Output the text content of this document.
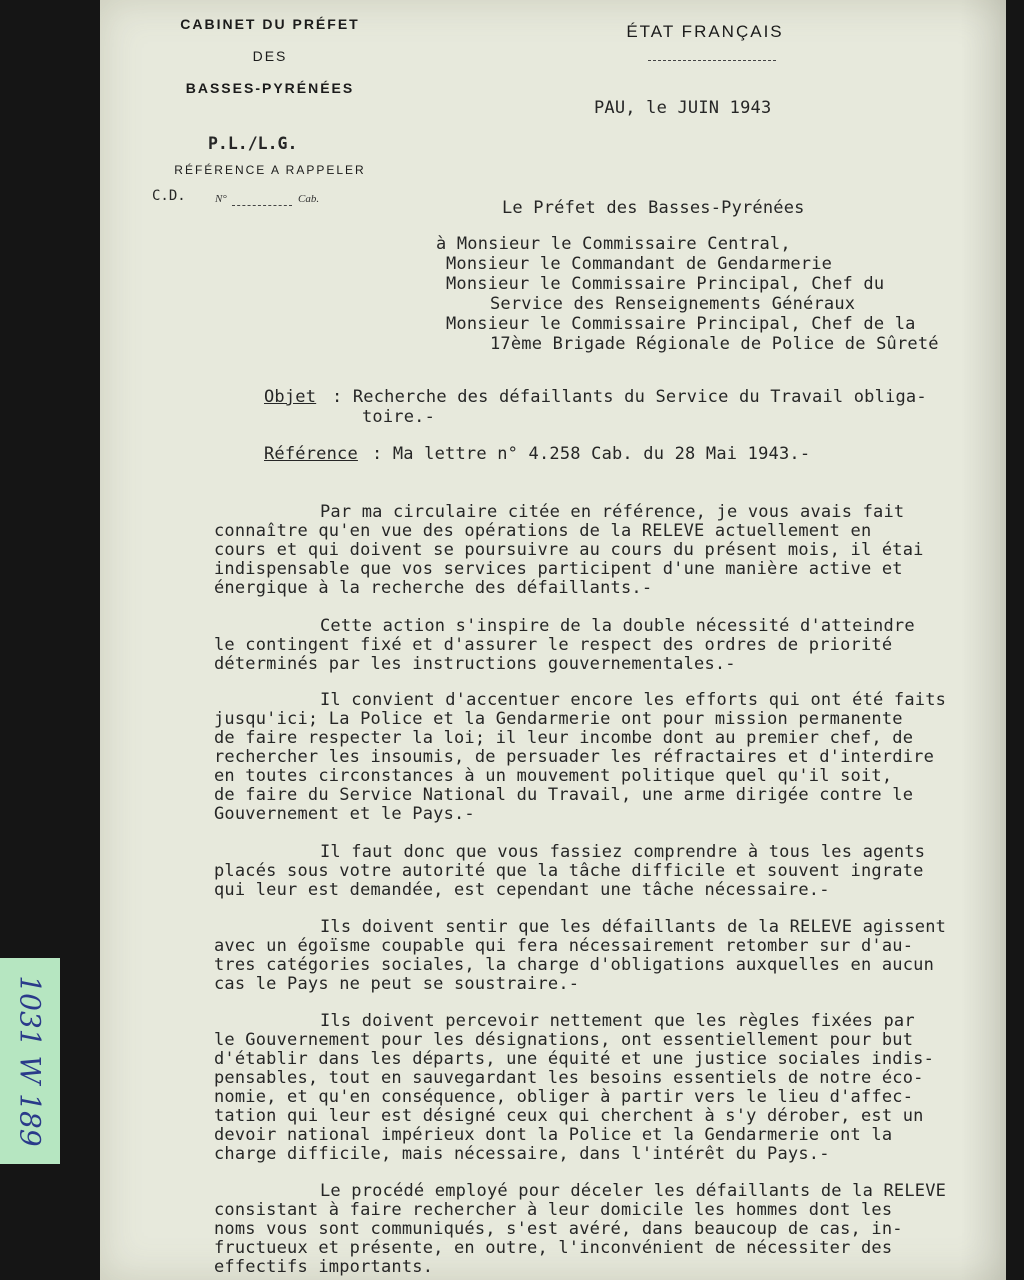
1031 W 189
CABINET DU PRÉFET
DES
BASSES-PYRÉNÉES
P.L./L.G.
RÉFÉRENCE A RAPPELER
C.D.	N°	Cab.
ÉTAT FRANÇAIS
PAU, le JUIN 1943
Le Préfet des Basses-Pyrénées
à Monsieur le Commissaire Central,
Monsieur le Commandant de Gendarmerie
Monsieur le Commissaire Principal, Chef du
Service des Renseignements Généraux
Monsieur le Commissaire Principal, Chef de la
17ème Brigade Régionale de Police de Sûreté
Objet : Recherche des défaillants du Service du Travail obliga-
toire.-
Référence : Ma lettre n° 4.258 Cab. du 28 Mai 1943.-
Par ma circulaire citée en référence, je vous avais fait
connaître qu'en vue des opérations de la RELEVE actuellement en
cours et qui doivent se poursuivre au cours du présent mois, il étai
indispensable que vos services participent d'une manière active et
énergique à la recherche des défaillants.-
Cette action s'inspire de la double nécessité d'atteindre
le contingent fixé et d'assurer le respect des ordres de priorité
déterminés par les instructions gouvernementales.-
Il convient d'accentuer encore les efforts qui ont été faits
jusqu'ici; La Police et la Gendarmerie ont pour mission permanente
de faire respecter la loi; il leur incombe dont au premier chef, de
rechercher les insoumis, de persuader les réfractaires et d'interdire
en toutes circonstances à un mouvement politique quel qu'il soit,
de faire du Service National du Travail, une arme dirigée contre le
Gouvernement et le Pays.-
Il faut donc que vous fassiez comprendre à tous les agents
placés sous votre autorité que la tâche difficile et souvent ingrate
qui leur est demandée, est cependant une tâche nécessaire.-
Ils doivent sentir que les défaillants de la RELEVE agissent
avec un égoïsme coupable qui fera nécessairement retomber sur d'au-
tres catégories sociales, la charge d'obligations auxquelles en aucun
cas le Pays ne peut se soustraire.-
Ils doivent percevoir nettement que les règles fixées par
le Gouvernement pour les désignations, ont essentiellement pour but
d'établir dans les départs, une équité et une justice sociales indis-
pensables, tout en sauvegardant les besoins essentiels de notre éco-
nomie, et qu'en conséquence, obliger à partir vers le lieu d'affec-
tation qui leur est désigné ceux qui cherchent à s'y dérober, est un
devoir national impérieux dont la Police et la Gendarmerie ont la
charge difficile, mais nécessaire, dans l'intérêt du Pays.-
Le procédé employé pour déceler les défaillants de la RELEVE
consistant à faire rechercher à leur domicile les hommes dont les
noms vous sont communiqués, s'est avéré, dans beaucoup de cas, in-
fructueux et présente, en outre, l'inconvénient de nécessiter des
effectifs importants.
